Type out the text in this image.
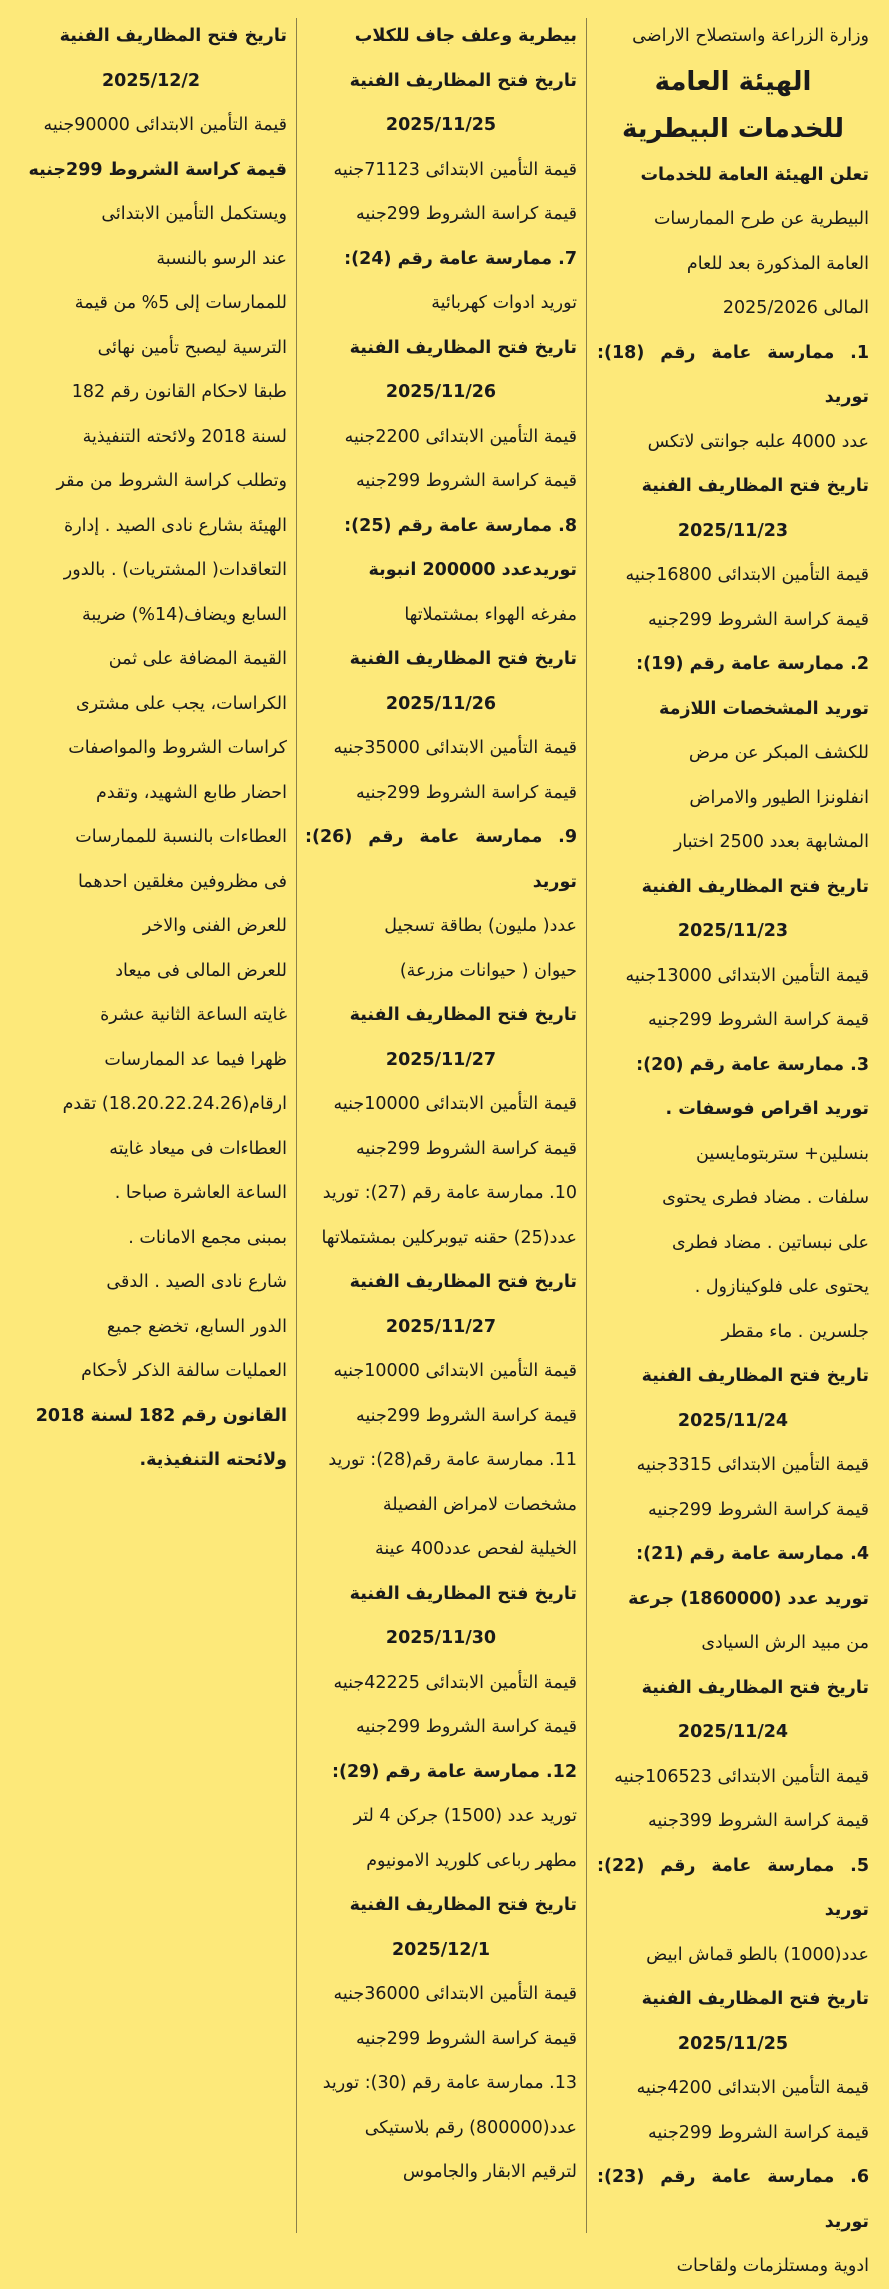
وزارة الزراعة واستصلاح الاراضى

الهيئة العامة

للخدمات البيطرية

تعلن الهيئة العامة للخدمات

البيطرية عن طرح الممارسات

العامة المذكورة بعد للعام

المالى 2025/2026

1. ممارسة عامة رقم (18): توريد

عدد 4000 علبه جوانتى لاتكس

تاريخ فتح المظاريف الفنية

2025/11/23

قيمة التأمين الابتدائى 16800جنيه

قيمة كراسة الشروط 299جنيه

2. ممارسة عامة رقم (19):

توريد المشخصات اللازمة

للكشف المبكر عن مرض

انفلونزا الطيور والامراض

المشابهة بعدد 2500 اختبار

تاريخ فتح المظاريف الفنية

2025/11/23

قيمة التأمين الابتدائى 13000جنيه

قيمة كراسة الشروط 299جنيه

3. ممارسة عامة رقم (20):

توريد اقراص فوسفات .

بنسلين+ ستربتومايسين

سلفات . مضاد فطرى يحتوى

على نبساتين . مضاد فطرى

يحتوى على فلوكينازول .

جلسرين . ماء مقطر

تاريخ فتح المظاريف الفنية

2025/11/24

قيمة التأمين الابتدائى 3315جنيه

قيمة كراسة الشروط 299جنيه

4. ممارسة عامة رقم (21):

توريد عدد (1860000) جرعة

من مبيد الرش السيادى

تاريخ فتح المظاريف الفنية

2025/11/24

قيمة التأمين الابتدائى 106523جنيه

قيمة كراسة الشروط 399جنيه

5. ممارسة عامة رقم (22): توريد

عدد(1000) بالطو قماش ابيض

تاريخ فتح المظاريف الفنية

2025/11/25

قيمة التأمين الابتدائى 4200جنيه

قيمة كراسة الشروط 299جنيه

6. ممارسة عامة رقم (23): توريد

ادوية ومستلزمات ولقاحات

بيطرية وعلف جاف للكلاب

تاريخ فتح المظاريف الفنية

2025/11/25

قيمة التأمين الابتدائى 71123جنيه

قيمة كراسة الشروط 299جنيه

7. ممارسة عامة رقم (24):

توريد ادوات كهربائية

تاريخ فتح المظاريف الفنية

2025/11/26

قيمة التأمين الابتدائى 2200جنيه

قيمة كراسة الشروط 299جنيه

8. ممارسة عامة رقم (25):

توريدعدد 200000 انبوبة

مفرغه الهواء بمشتملاتها

تاريخ فتح المظاريف الفنية

2025/11/26

قيمة التأمين الابتدائى 35000جنيه

قيمة كراسة الشروط 299جنيه

9. ممارسة عامة رقم (26): توريد

عدد( مليون) بطاقة تسجيل

حيوان ( حيوانات مزرعة)

تاريخ فتح المظاريف الفنية

2025/11/27

قيمة التأمين الابتدائى 10000جنيه

قيمة كراسة الشروط 299جنيه

10. ممارسة عامة رقم (27): توريد

عدد(25) حقنه تيوبركلين بمشتملاتها

تاريخ فتح المظاريف الفنية

2025/11/27

قيمة التأمين الابتدائى 10000جنيه

قيمة كراسة الشروط 299جنيه

11. ممارسة عامة رقم(28): توريد

مشخصات لامراض الفصيلة

الخيلية لفحص عدد400 عينة

تاريخ فتح المظاريف الفنية

2025/11/30

قيمة التأمين الابتدائى 42225جنيه

قيمة كراسة الشروط 299جنيه

12. ممارسة عامة رقم (29):

توريد عدد (1500) جركن 4 لتر

مطهر رباعى كلوريد الامونيوم

تاريخ فتح المظاريف الفنية

2025/12/1

قيمة التأمين الابتدائى 36000جنيه

قيمة كراسة الشروط 299جنيه

13. ممارسة عامة رقم (30): توريد

عدد(800000) رقم بلاستيكى

لترقيم الابقار والجاموس

تاريخ فتح المظاريف الفنية

2025/12/2

قيمة التأمين الابتدائى 90000جنيه

قيمة كراسة الشروط 299جنيه

ويستكمل التأمين الابتدائى

عند الرسو بالنسبة

للممارسات إلى 5% من قيمة

الترسية ليصبح تأمين نهائى

طبقا لاحكام القانون رقم 182

لسنة 2018 ولائحته التنفيذية

وتطلب كراسة الشروط من مقر

الهيئة بشارع نادى الصيد . إدارة

التعاقدات( المشتريات) . بالدور

السابع ويضاف(14%) ضريبة

القيمة المضافة على ثمن

الكراسات، يجب على مشترى

كراسات الشروط والمواصفات

احضار طابع الشهيد، وتقدم

العطاءات بالنسبة للممارسات

فى مظروفين مغلقين احدهما

للعرض الفنى والاخر

للعرض المالى فى ميعاد

غايته الساعة الثانية عشرة

ظهرا فيما عد الممارسات

ارقام(18.20.22.24.26) تقدم

العطاءات فى ميعاد غايته

الساعة العاشرة صباحا .

بمبنى مجمع الامانات .

شارع نادى الصيد . الدقى

الدور السابع، تخضع جميع

العمليات سالفة الذكر لأحكام

القانون رقم 182 لسنة 2018

ولائحته التنفيذية.
